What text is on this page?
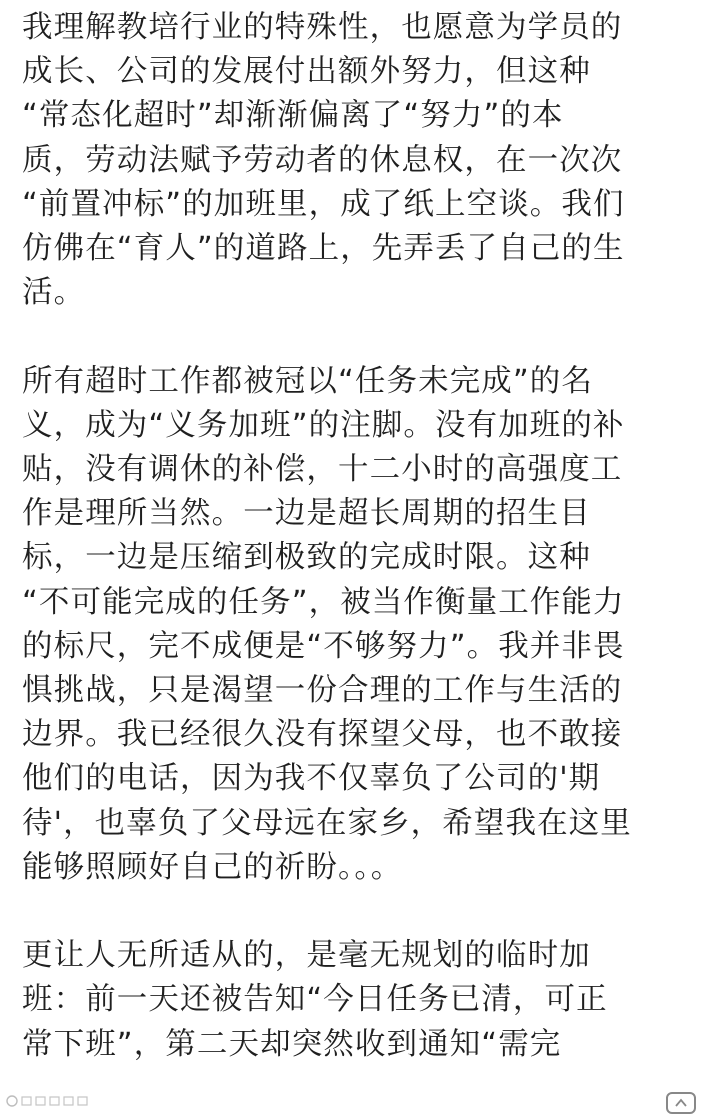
我理解教培行业的特殊性，也愿意为学员的
成长、公司的发展付出额外努力，但这种
“常态化超时”却渐渐偏离了“努力”的本
质，劳动法赋予劳动者的休息权，在一次次
“前置冲标”的加班里，成了纸上空谈。我们
仿佛在“育人”的道路上，先弄丢了自己的生
活。

所有超时工作都被冠以“任务未完成”的名
义，成为“义务加班”的注脚。没有加班的补
贴，没有调休的补偿，十二小时的高强度工
作是理所当然。一边是超长周期的招生目
标，一边是压缩到极致的完成时限。这种
“不可能完成的任务”，被当作衡量工作能力
的标尺，完不成便是“不够努力”。我并非畏
惧挑战，只是渴望一份合理的工作与生活的
边界。我已经很久没有探望父母，也不敢接
他们的电话，因为我不仅辜负了公司的'期
待'，也辜负了父母远在家乡，希望我在这里
能够照顾好自己的祈盼。。。

更让人无所适从的，是毫无规划的临时加
班：前一天还被告知“今日任务已清，可正
常下班”，第二天却突然收到通知“需完
